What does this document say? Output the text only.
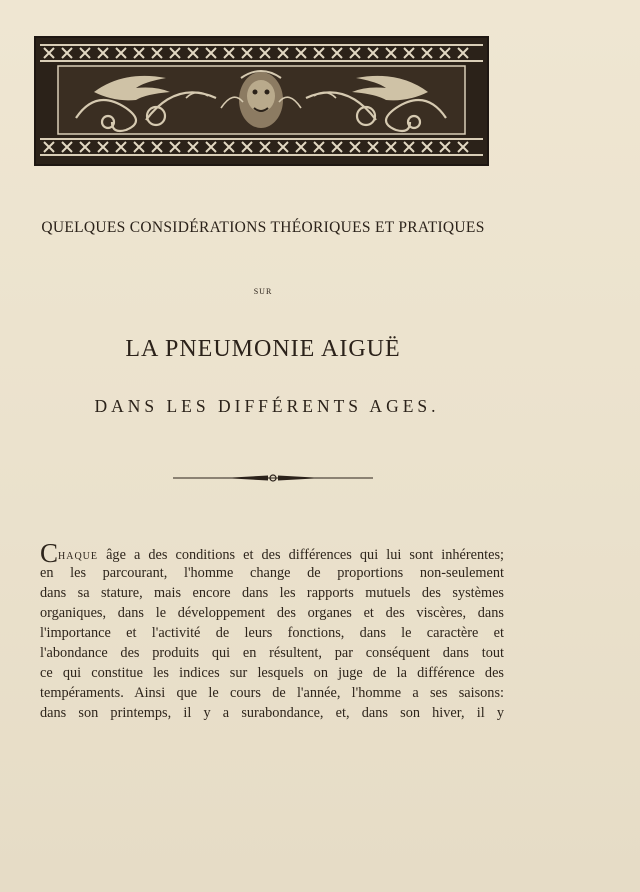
QUELQUES CONSIDÉRATIONS THÉORIQUES ET PRATIQUES

SUR

LA PNEUMONIE AIGUË

DANS LES DIFFÉRENTS AGES.

CHAQUE âge a des conditions et des différences qui lui sont inhérentes;
en les parcourant, l'homme change de proportions non-seulement
dans sa stature, mais encore dans les rapports mutuels des systèmes
organiques, dans le développement des organes et des viscères, dans
l'importance et l'activité de leurs fonctions, dans le caractère et
l'abondance des produits qui en résultent, par conséquent dans tout
ce qui constitue les indices sur lesquels on juge de la différence des
tempéraments. Ainsi que le cours de l'année, l'homme a ses saisons:
dans son printemps, il y a surabondance, et, dans son hiver, il y
